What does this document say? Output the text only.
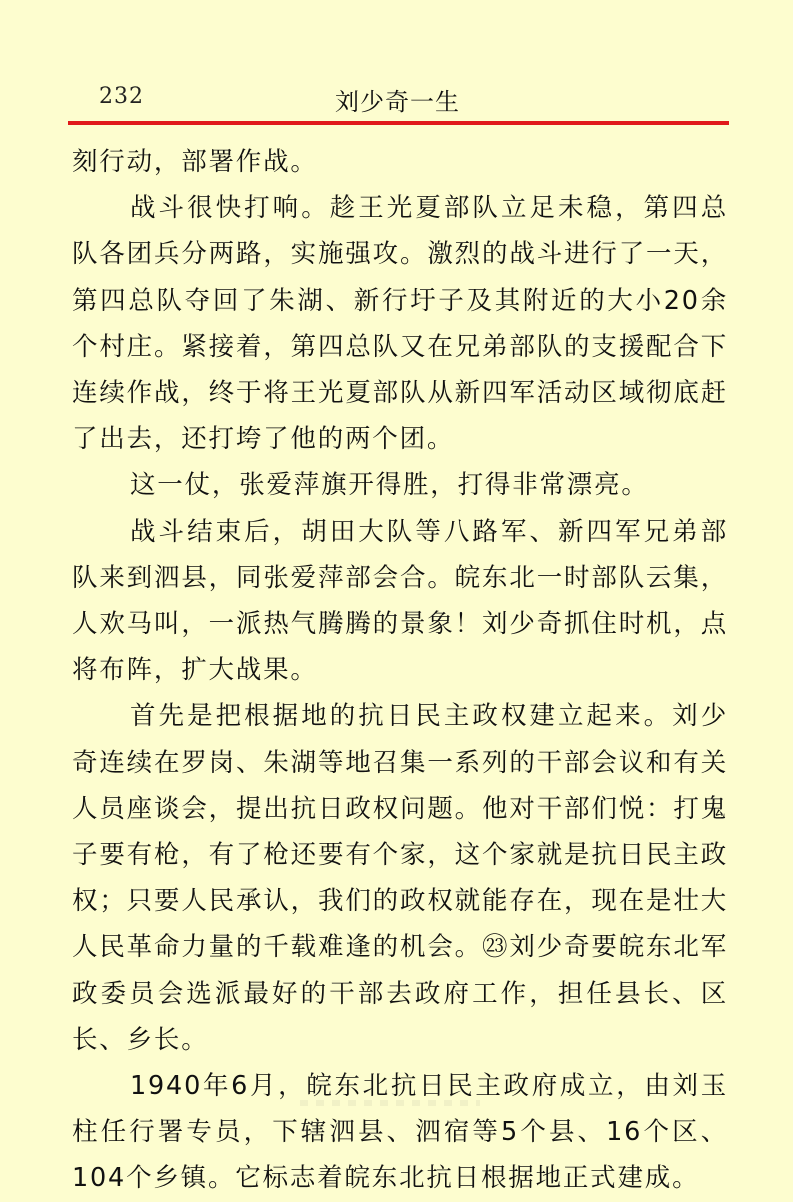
232	刘少奇一生

刻行动，部署作战。

战斗很快打响。趁王光夏部队立足未稳，第四总队各团兵分两路，实施强攻。激烈的战斗进行了一天，第四总队夺回了朱湖、新行圩子及其附近的大小20余个村庄。紧接着，第四总队又在兄弟部队的支援配合下连续作战，终于将王光夏部队从新四军活动区域彻底赶了出去，还打垮了他的两个团。

这一仗，张爱萍旗开得胜，打得非常漂亮。

战斗结束后，胡田大队等八路军、新四军兄弟部队来到泗县，同张爱萍部会合。皖东北一时部队云集，人欢马叫，一派热气腾腾的景象！刘少奇抓住时机，点将布阵，扩大战果。

首先是把根据地的抗日民主政权建立起来。刘少奇连续在罗岗、朱湖等地召集一系列的干部会议和有关人员座谈会，提出抗日政权问题。他对干部们悦：打鬼子要有枪，有了枪还要有个家，这个家就是抗日民主政权；只要人民承认，我们的政权就能存在，现在是壮大人民革命力量的千载难逢的机会。㉓刘少奇要皖东北军政委员会选派最好的干部去政府工作，担任县长、区长、乡长。

1940年6月，皖东北抗日民主政府成立，由刘玉柱任行署专员，下辖泗县、泗宿等5个县、16个区、104个乡镇。它标志着皖东北抗日根据地正式建成。
